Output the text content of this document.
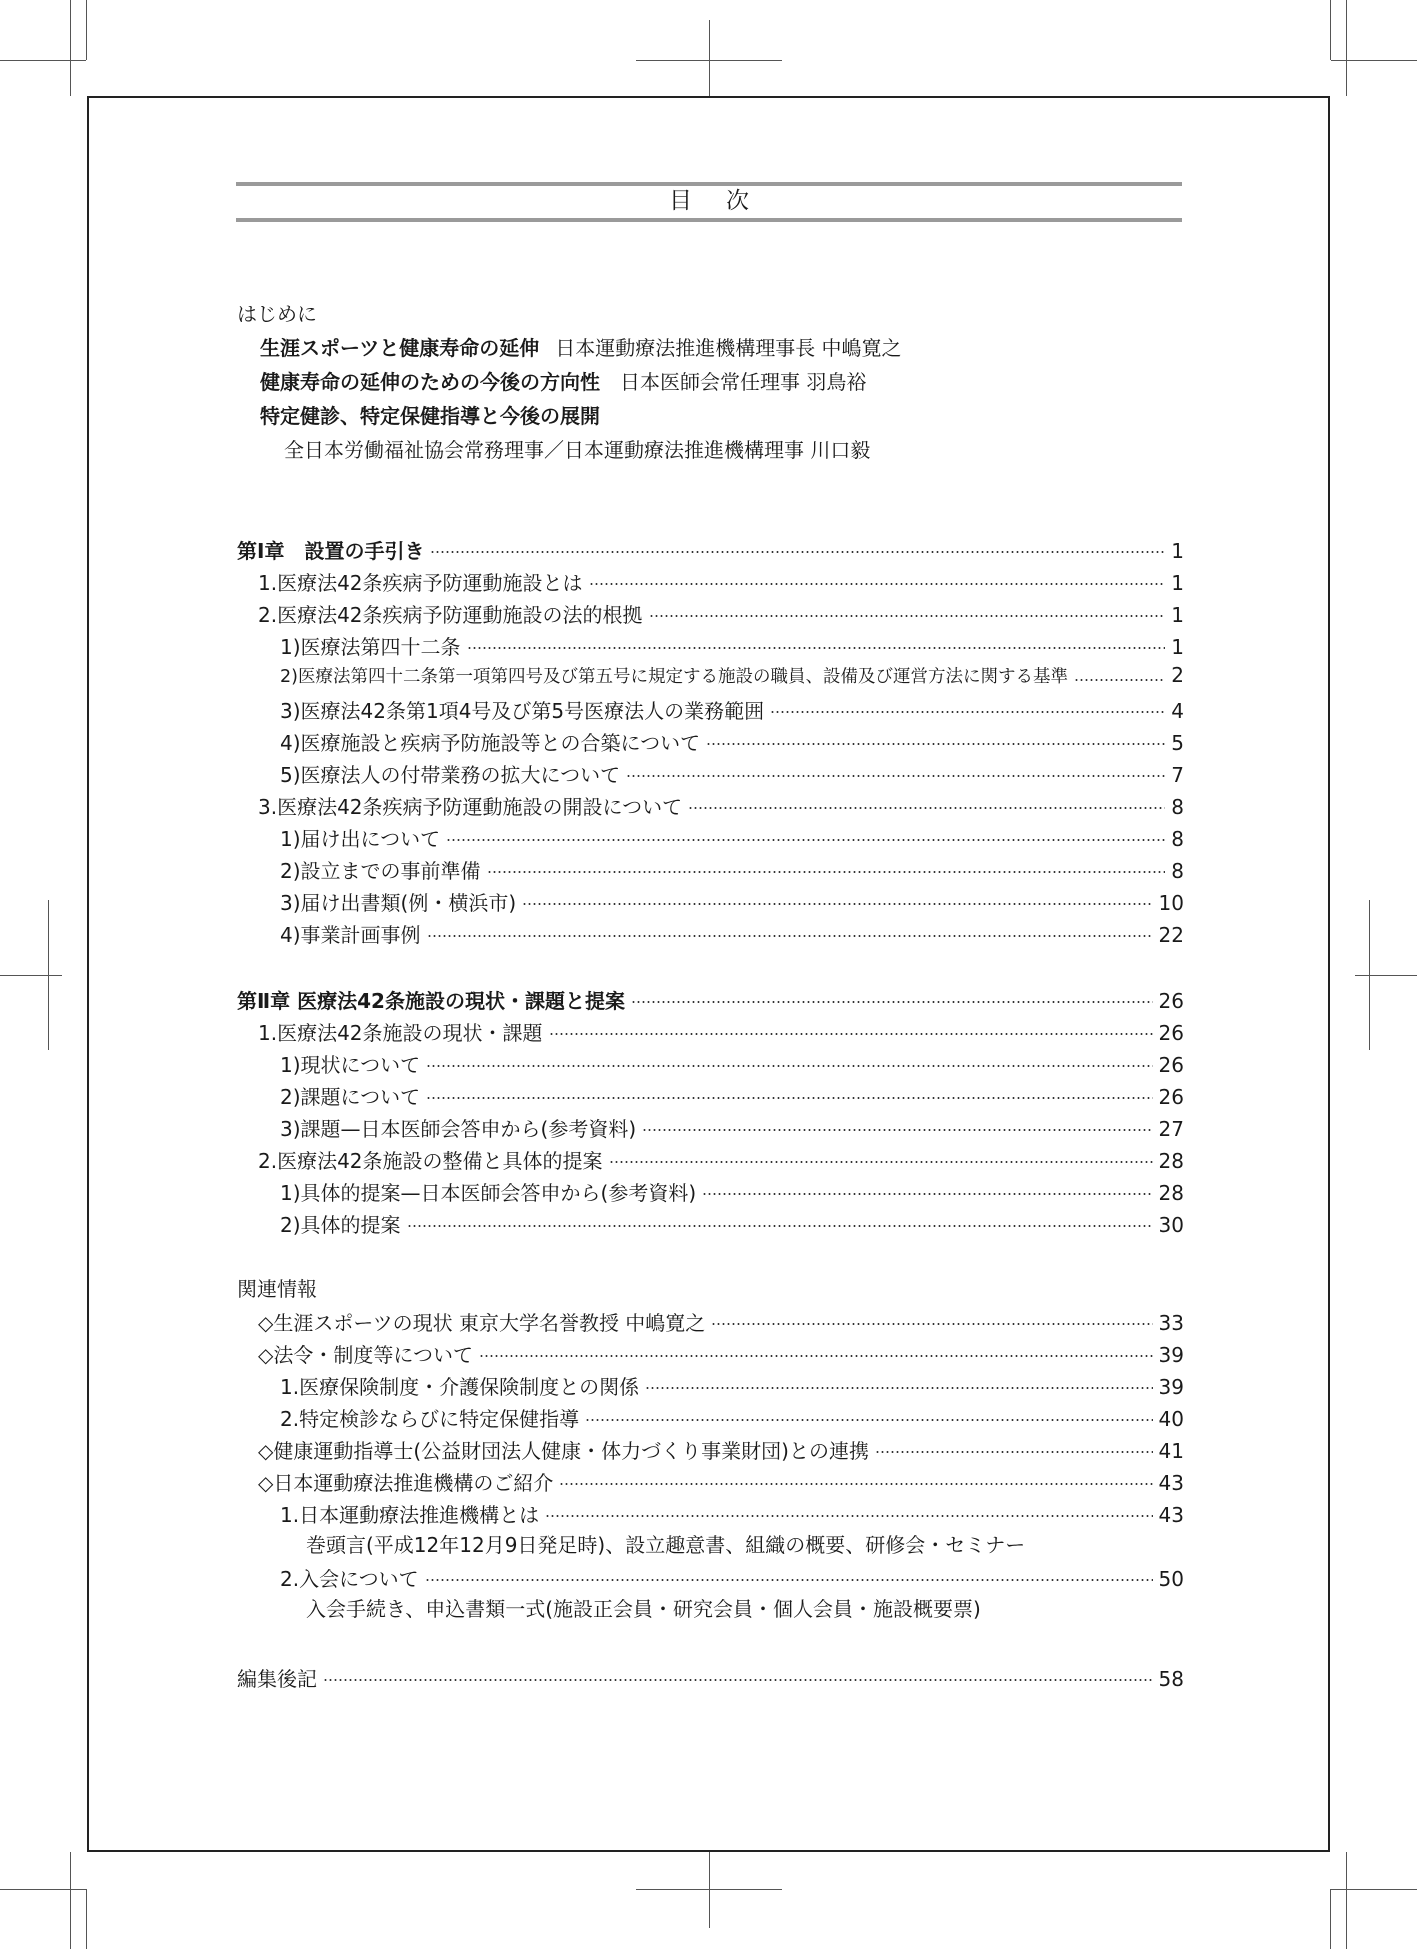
目次
はじめに
生涯スポーツと健康寿命の延伸 日本運動療法推進機構理事長 中嶋寛之
健康寿命の延伸のための今後の方向性 日本医師会常任理事 羽鳥裕
特定健診、特定保健指導と今後の展開
全日本労働福祉協会常務理事／日本運動療法推進機構理事 川口毅
第Ⅰ章　設置の手引き	1
1.医療法42条疾病予防運動施設とは	1
2.医療法42条疾病予防運動施設の法的根拠	1
1)医療法第四十二条	1
2)医療法第四十二条第一項第四号及び第五号に規定する施設の職員、設備及び運営方法に関する基準	2
3)医療法42条第1項4号及び第5号医療法人の業務範囲	4
4)医療施設と疾病予防施設等との合築について	5
5)医療法人の付帯業務の拡大について	7
3.医療法42条疾病予防運動施設の開設について	8
1)届け出について	8
2)設立までの事前準備	8
3)届け出書類(例・横浜市)	10
4)事業計画事例	22
第Ⅱ章 医療法42条施設の現状・課題と提案	26
1.医療法42条施設の現状・課題	26
1)現状について	26
2)課題について	26
3)課題—日本医師会答申から(参考資料)	27
2.医療法42条施設の整備と具体的提案	28
1)具体的提案—日本医師会答申から(参考資料)	28
2)具体的提案	30
関連情報
◇生涯スポーツの現状 東京大学名誉教授 中嶋寛之	33
◇法令・制度等について	39
1.医療保険制度・介護保険制度との関係	39
2.特定検診ならびに特定保健指導	40
◇健康運動指導士(公益財団法人健康・体力づくり事業財団)との連携	41
◇日本運動療法推進機構のご紹介	43
1.日本運動療法推進機構とは	43
巻頭言(平成12年12月9日発足時)、設立趣意書、組織の概要、研修会・セミナー
2.入会について	50
入会手続き、申込書類一式(施設正会員・研究会員・個人会員・施設概要票)
編集後記	58
